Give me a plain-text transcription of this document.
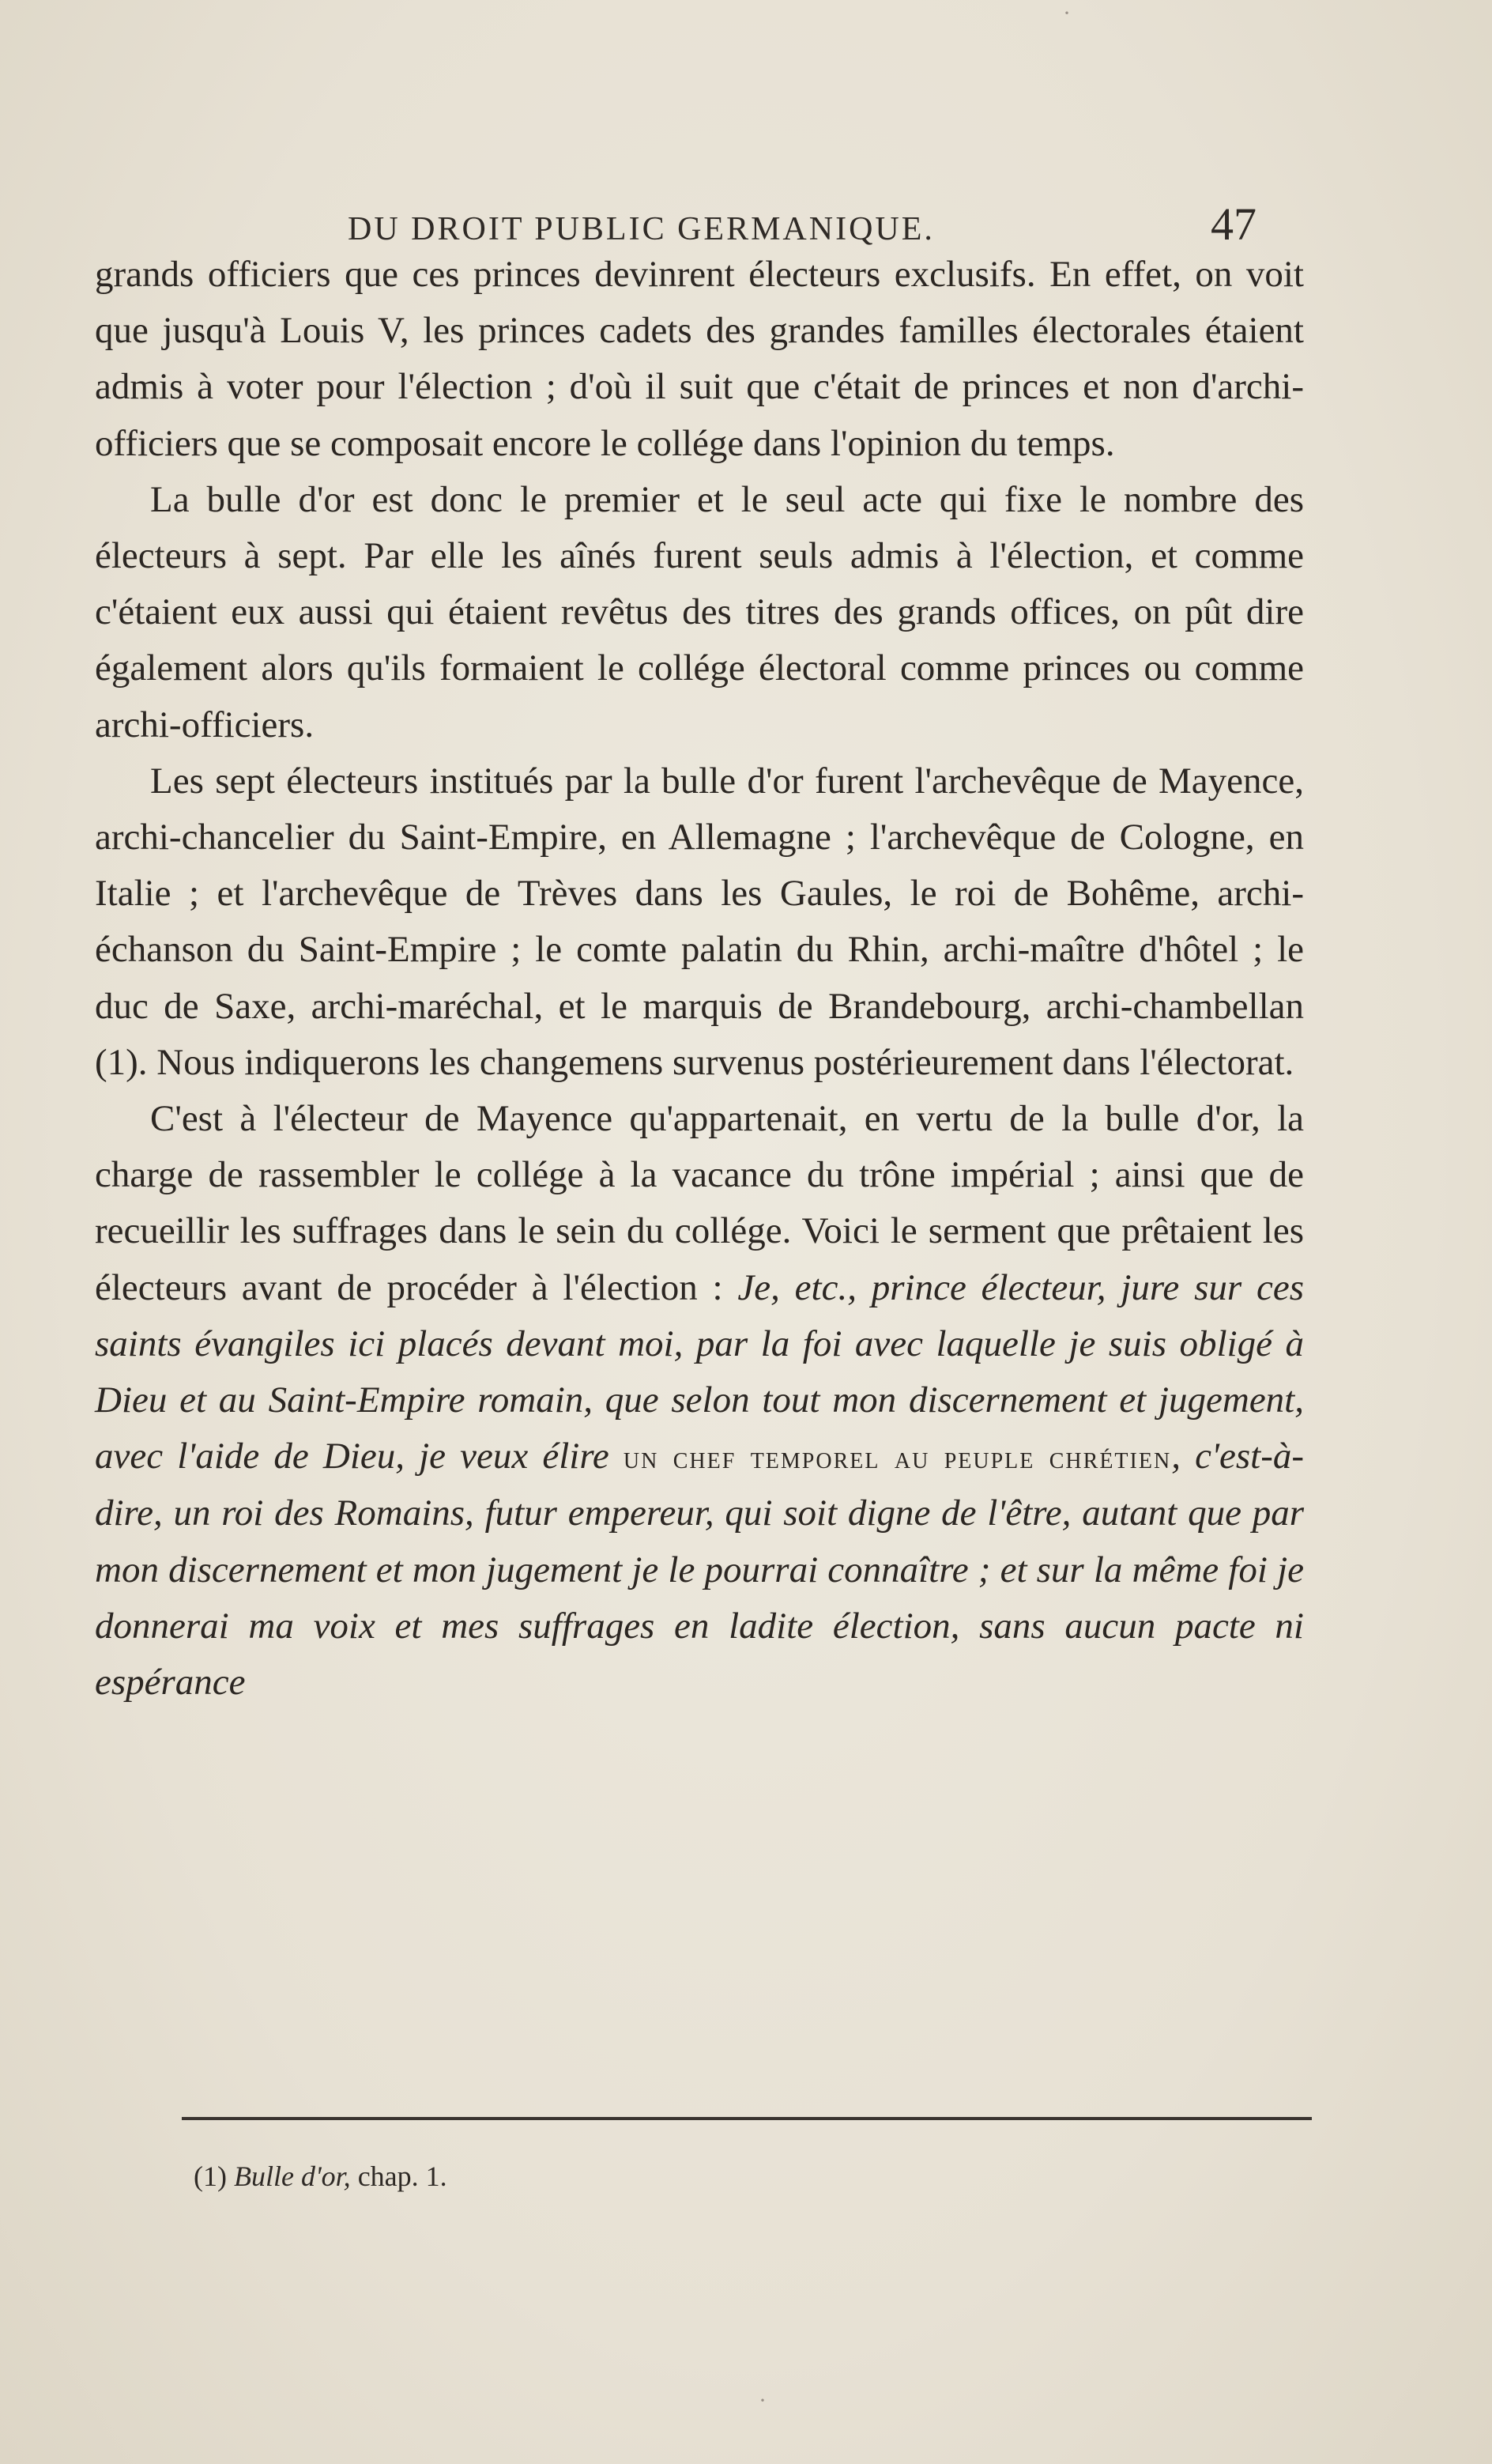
DU DROIT PUBLIC GERMANIQUE.	47

grands officiers que ces princes devinrent électeurs exclusifs. En effet, on voit que jusqu'à Louis V, les princes cadets des grandes familles électorales étaient admis à voter pour l'élection ; d'où il suit que c'était de princes et non d'archi-officiers que se composait encore le collége dans l'opinion du temps.

La bulle d'or est donc le premier et le seul acte qui fixe le nombre des électeurs à sept. Par elle les aînés furent seuls admis à l'élection, et comme c'étaient eux aussi qui étaient revêtus des titres des grands offices, on pût dire également alors qu'ils formaient le collége électoral comme princes ou comme archi-officiers.

Les sept électeurs institués par la bulle d'or furent l'archevêque de Mayence, archi-chancelier du Saint-Empire, en Allemagne ; l'archevêque de Cologne, en Italie ; et l'archevêque de Trèves dans les Gaules, le roi de Bohême, archi-échanson du Saint-Empire ; le comte palatin du Rhin, archi-maître d'hôtel ; le duc de Saxe, archi-maréchal, et le marquis de Brandebourg, archi-chambellan (1). Nous indiquerons les changemens survenus postérieurement dans l'électorat.

C'est à l'électeur de Mayence qu'appartenait, en vertu de la bulle d'or, la charge de rassembler le collége à la vacance du trône impérial ; ainsi que de recueillir les suffrages dans le sein du collége. Voici le serment que prêtaient les électeurs avant de procéder à l'élection : Je, etc., prince électeur, jure sur ces saints évangiles ici placés devant moi, par la foi avec laquelle je suis obligé à Dieu et au Saint-Empire romain, que selon tout mon discernement et jugement, avec l'aide de Dieu, je veux élire un chef temporel au peuple chrétien, c'est-à-dire, un roi des Romains, futur empereur, qui soit digne de l'être, autant que par mon discernement et mon jugement je le pourrai connaître ; et sur la même foi je donnerai ma voix et mes suffrages en ladite élection, sans aucun pacte ni espérance

(1) Bulle d'or, chap. 1.
·
·
